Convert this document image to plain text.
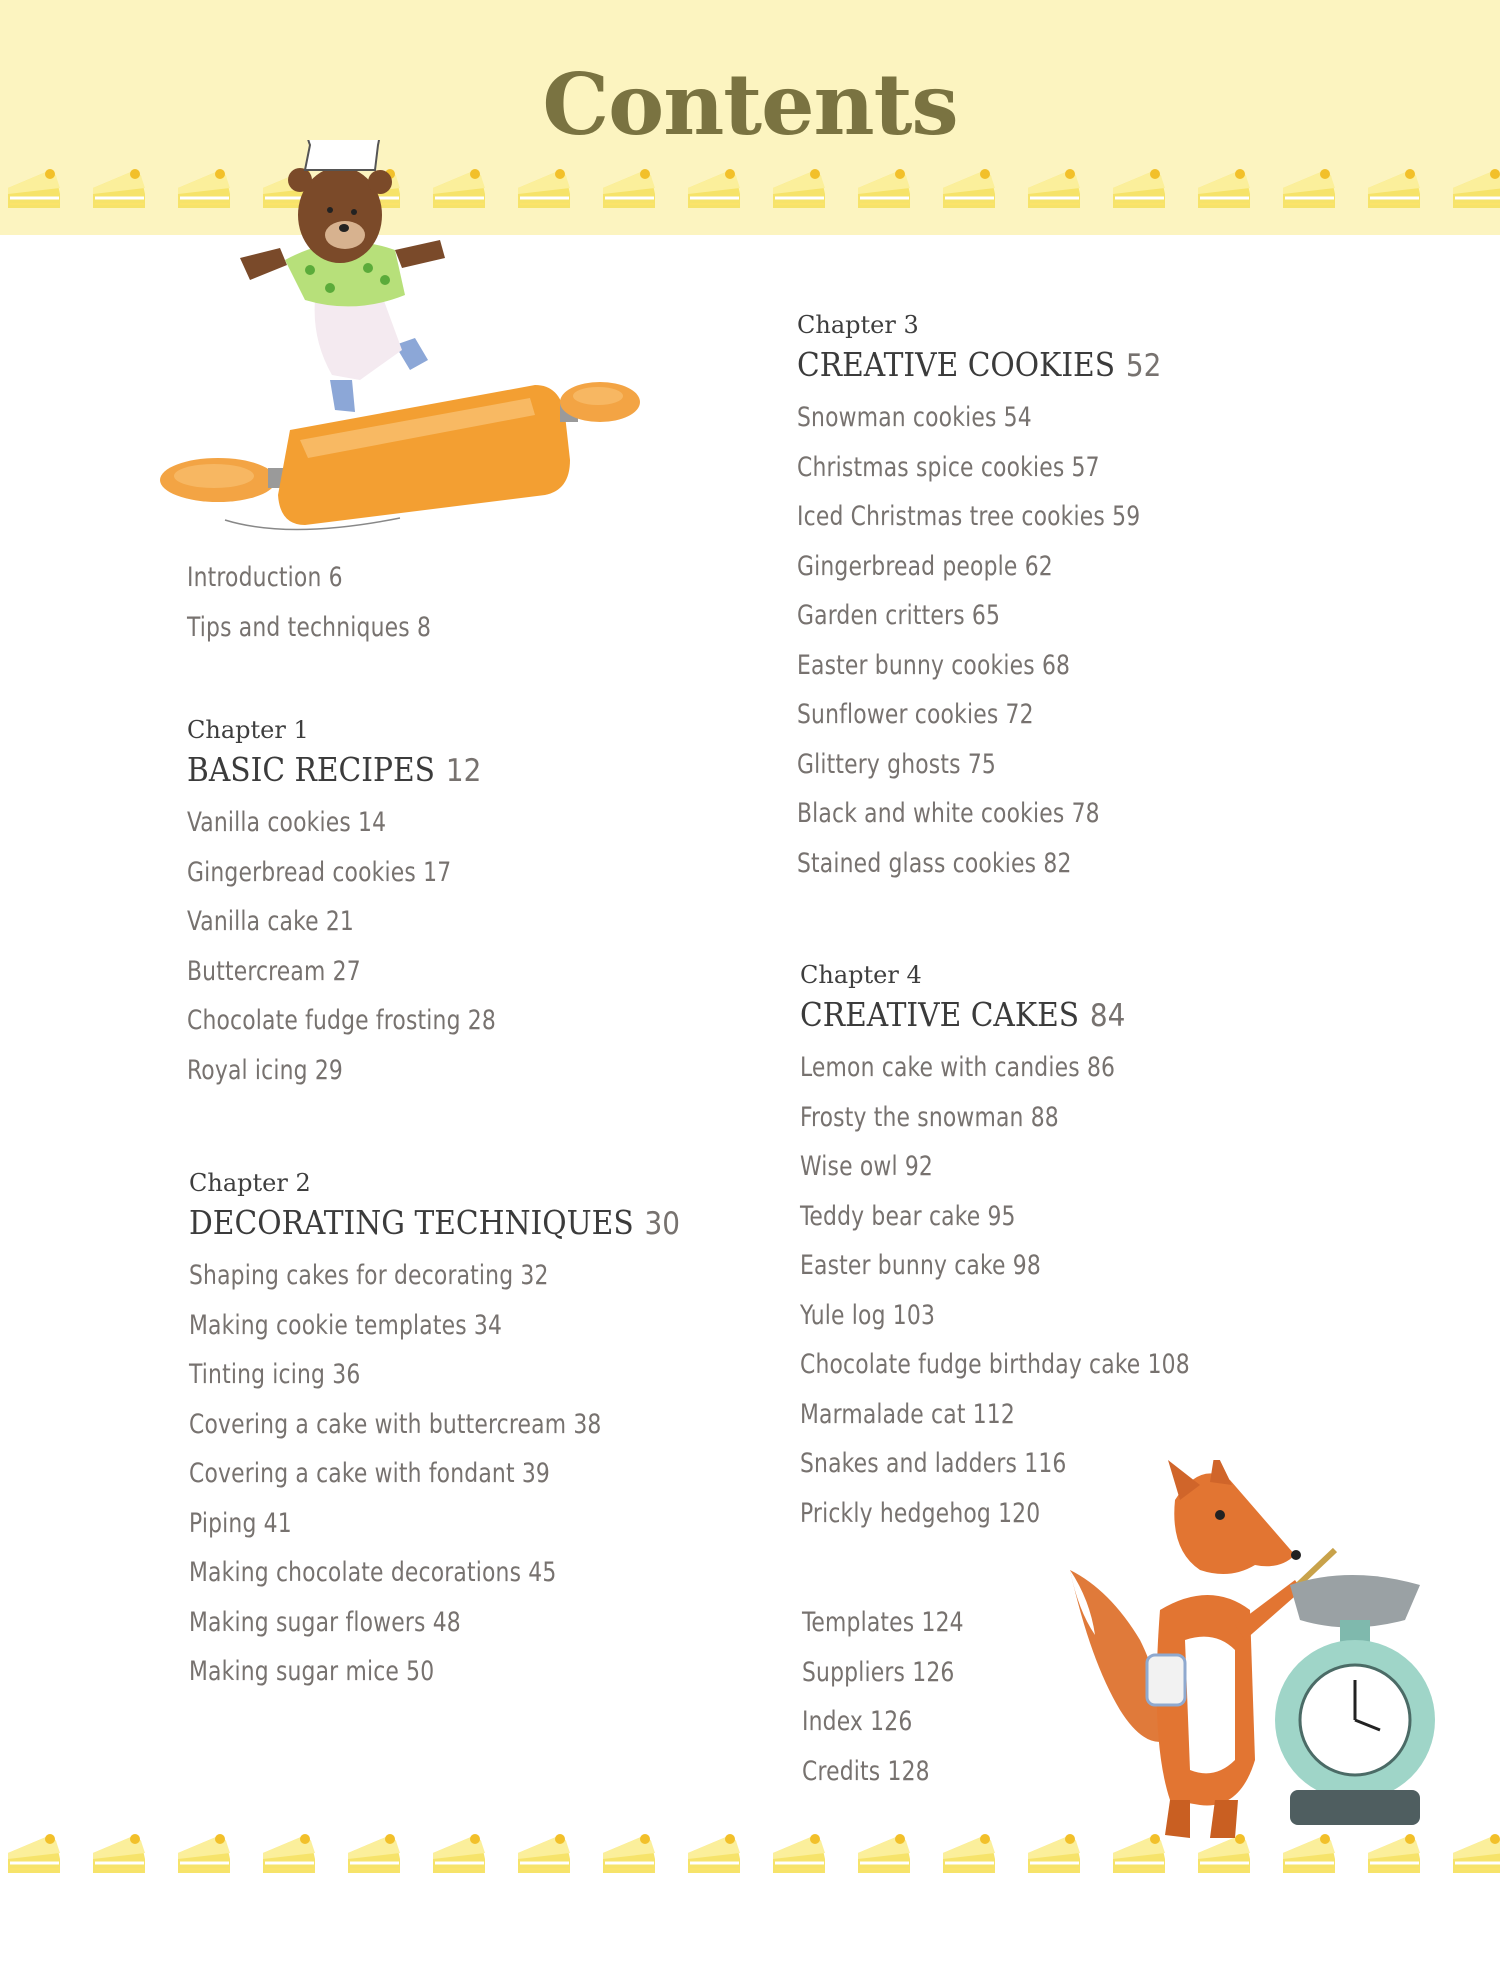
Contents
Introduction 6
Tips and techniques 8
Chapter 1
BASIC RECIPES 12
Vanilla cookies 14
Gingerbread cookies 17
Vanilla cake 21
Buttercream 27
Chocolate fudge frosting 28
Royal icing 29
Chapter 2
DECORATING TECHNIQUES 30
Shaping cakes for decorating 32
Making cookie templates 34
Tinting icing 36
Covering a cake with buttercream 38
Covering a cake with fondant 39
Piping 41
Making chocolate decorations 45
Making sugar flowers 48
Making sugar mice 50
Chapter 3
CREATIVE COOKIES 52
Snowman cookies 54
Christmas spice cookies 57
Iced Christmas tree cookies 59
Gingerbread people 62
Garden critters 65
Easter bunny cookies 68
Sunflower cookies 72
Glittery ghosts 75
Black and white cookies 78
Stained glass cookies 82
Chapter 4
CREATIVE CAKES 84
Lemon cake with candies 86
Frosty the snowman 88
Wise owl 92
Teddy bear cake 95
Easter bunny cake 98
Yule log 103
Chocolate fudge birthday cake 108
Marmalade cat 112
Snakes and ladders 116
Prickly hedgehog 120
Templates 124
Suppliers 126
Index 126
Credits 128
